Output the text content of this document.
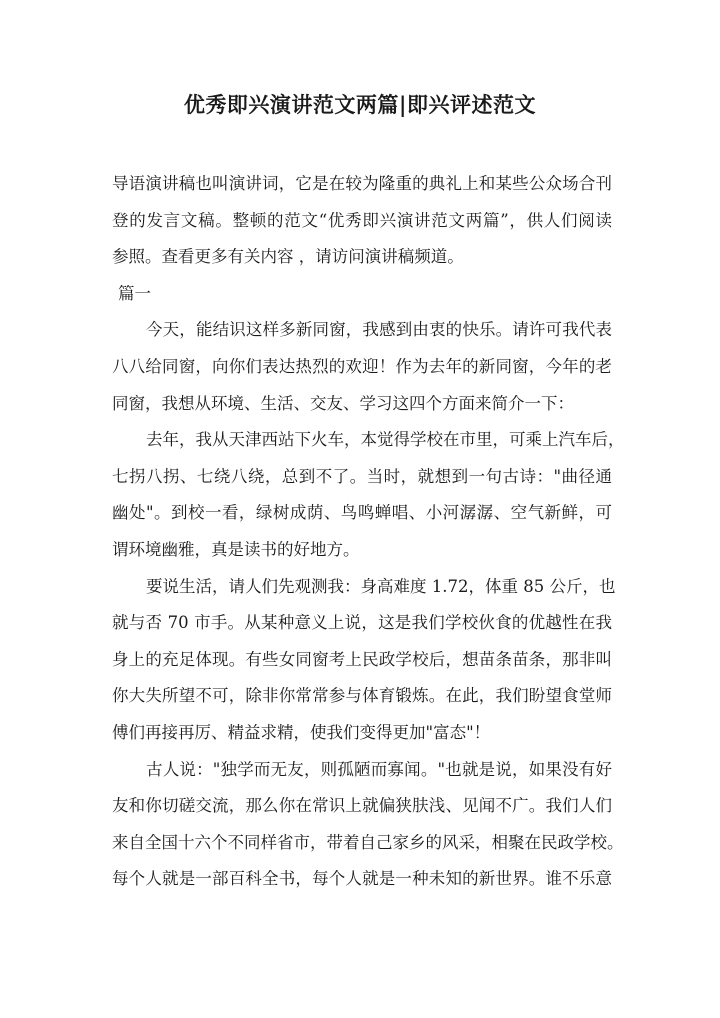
优秀即兴演讲范文两篇|即兴评述范文
导语演讲稿也叫演讲词，它是在较为隆重的典礼上和某些公众场合刊
登的发言文稿。整顿的范文“优秀即兴演讲范文两篇”，供人们阅读
参照。查看更多有关内容 ，请访问演讲稿频道。
篇一
今天，能结识这样多新同窗，我感到由衷的快乐。请许可我代表
八八给同窗，向你们表达热烈的欢迎！作为去年的新同窗，今年的老
同窗，我想从环境、生活、交友、学习这四个方面来简介一下：
去年，我从天津西站下火车，本觉得学校在市里，可乘上汽车后，
七拐八拐、七绕八绕，总到不了。当时，就想到一句古诗："曲径通
幽处"。到校一看，绿树成荫、鸟鸣蝉唱、小河潺潺、空气新鲜，可
谓环境幽雅，真是读书的好地方。
要说生活，请人们先观测我：身高难度 1.72，体重 85 公斤，也
就与否 70 市手。从某种意义上说，这是我们学校伙食的优越性在我
身上的充足体现。有些女同窗考上民政学校后，想苗条苗条，那非叫
你大失所望不可，除非你常常参与体育锻炼。在此，我们盼望食堂师
傅们再接再厉、精益求精，使我们变得更加"富态"！
古人说："独学而无友，则孤陋而寡闻。"也就是说，如果没有好
友和你切磋交流，那么你在常识上就偏狭肤浅、见闻不广。我们人们
来自全国十六个不同样省市，带着自己家乡的风采，相聚在民政学校。
每个人就是一部百科全书，每个人就是一种未知的新世界。谁不乐意
